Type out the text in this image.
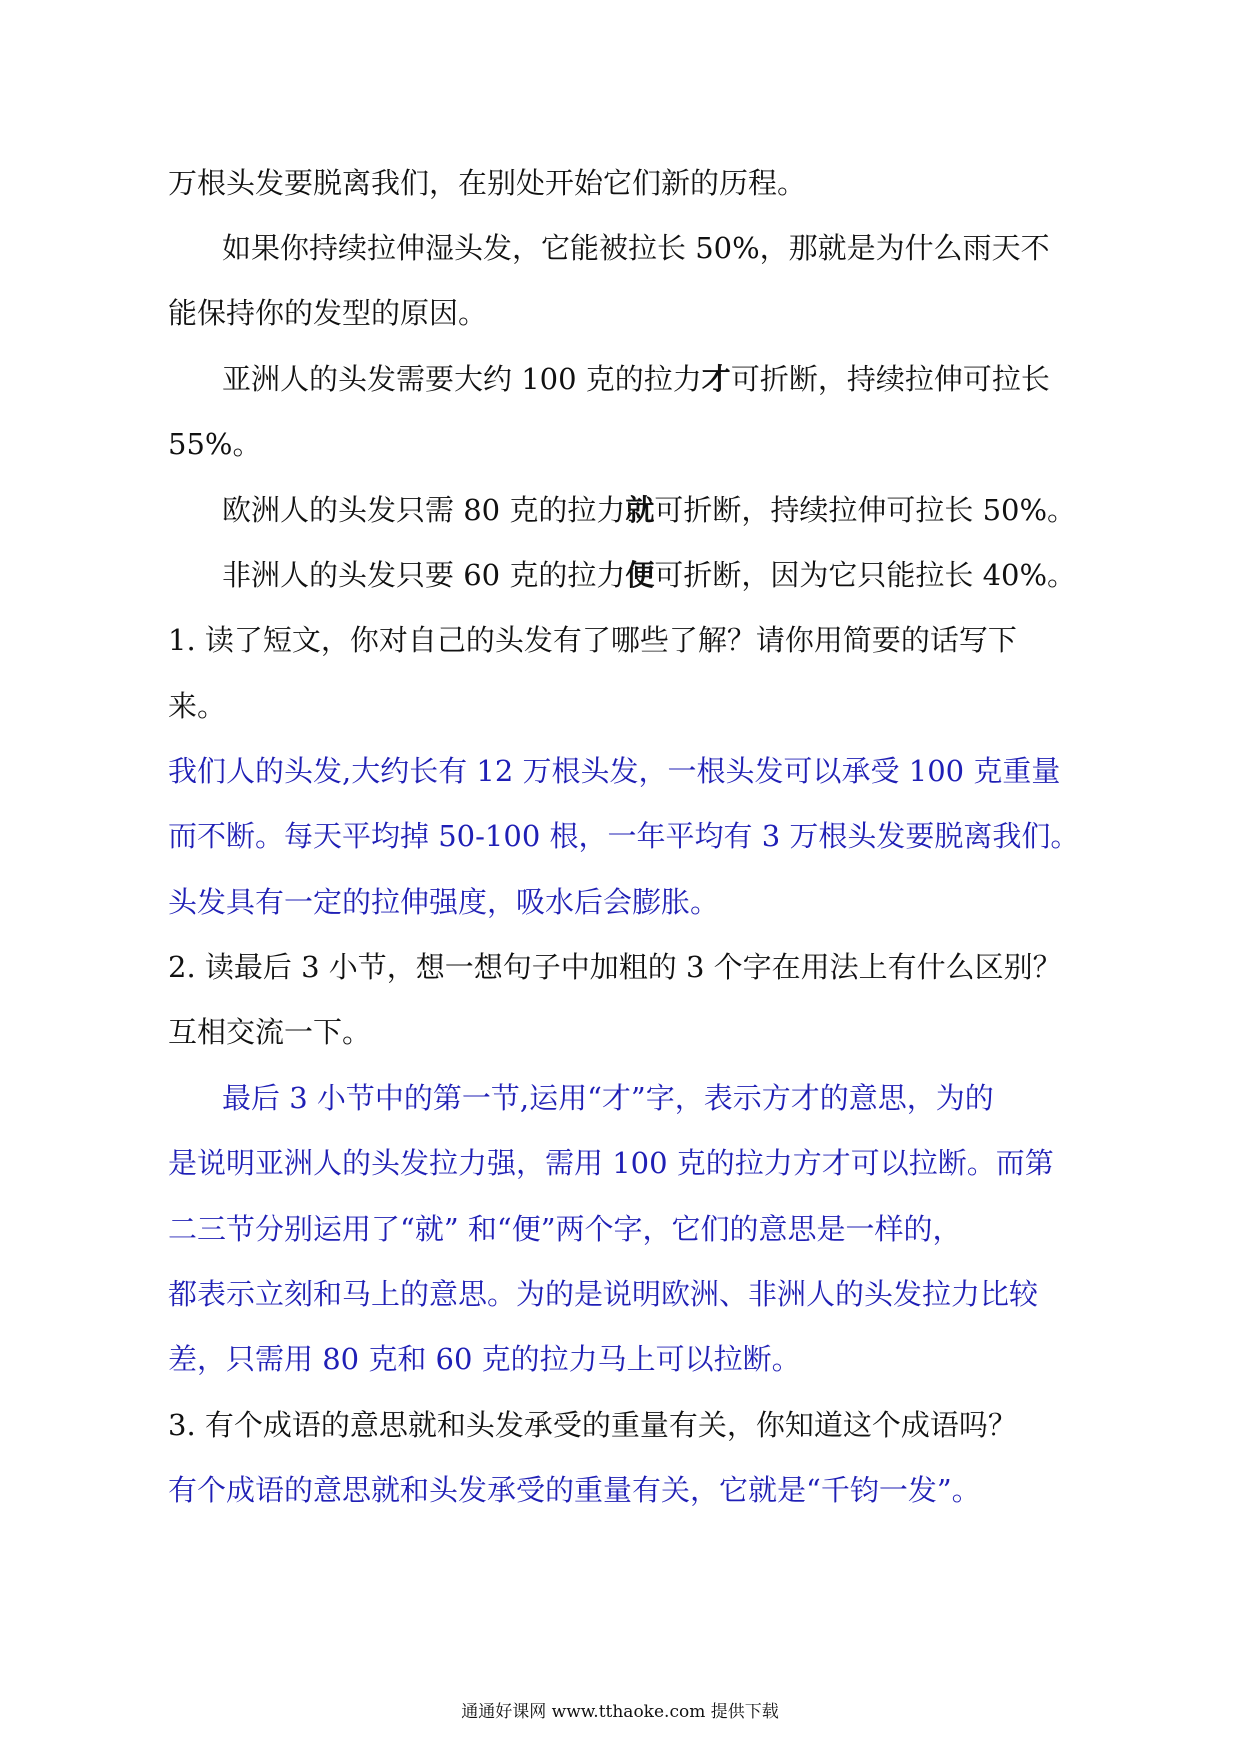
万根头发要脱离我们，在别处开始它们新的历程。

如果你持续拉伸湿头发，它能被拉长 50%，那就是为什么雨天不

能保持你的发型的原因。

亚洲人的头发需要大约 100 克的拉力才可折断，持续拉伸可拉长

55%。

欧洲人的头发只需 80 克的拉力就可折断，持续拉伸可拉长 50%。

非洲人的头发只要 60 克的拉力便可折断，因为它只能拉长 40%。

1. 读了短文，你对自己的头发有了哪些了解？请你用简要的话写下

来。

我们人的头发,大约长有 12 万根头发，一根头发可以承受 100 克重量

而不断。每天平均掉 50-100 根，一年平均有 3 万根头发要脱离我们。

头发具有一定的拉伸强度，吸水后会膨胀。

2. 读最后 3 小节，想一想句子中加粗的 3 个字在用法上有什么区别？

互相交流一下。

最后 3 小节中的第一节,运用“才”字，表示方才的意思，为的

是说明亚洲人的头发拉力强，需用 100 克的拉力方才可以拉断。而第

二三节分别运用了“就” 和“便”两个字，它们的意思是一样的，

都表示立刻和马上的意思。为的是说明欧洲、非洲人的头发拉力比较

差，只需用 80 克和 60 克的拉力马上可以拉断。

3. 有个成语的意思就和头发承受的重量有关，你知道这个成语吗？

有个成语的意思就和头发承受的重量有关，它就是“千钧一发”。

通通好课网 www.tthaoke.com 提供下载
